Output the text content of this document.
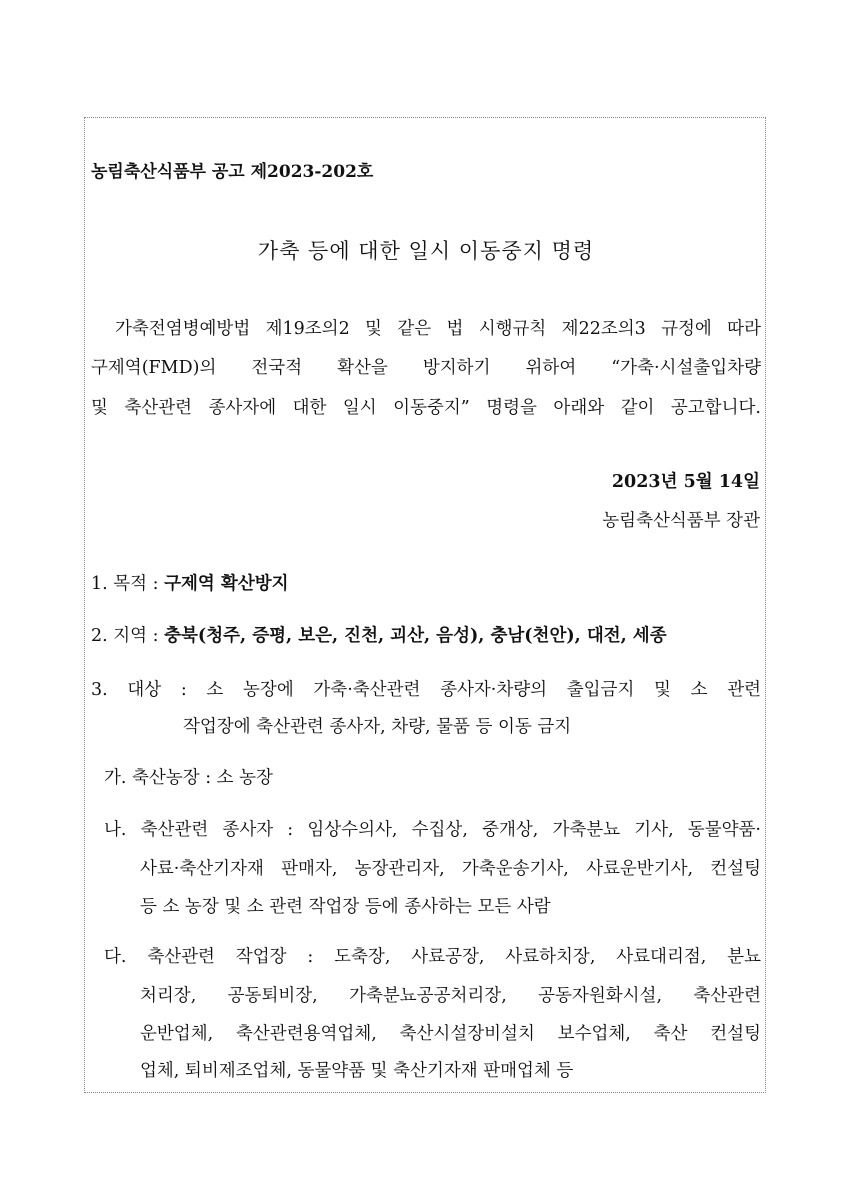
농림축산식품부 공고 제2023-202호
가축 등에 대한 일시 이동중지 명령
가축전염병예방법 제19조의2 및 같은 법 시행규칙 제22조의3 규정에 따라
구제역(FMD)의 전국적 확산을 방지하기 위하여 “가축·시설출입차량
및 축산관련 종사자에 대한 일시 이동중지” 명령을 아래와 같이 공고합니다.
2023년 5월 14일
농림축산식품부 장관
1. 목적 : 구제역 확산방지
2. 지역 : 충북(청주, 증평, 보은, 진천, 괴산, 음성), 충남(천안), 대전, 세종
3. 대상 : 소 농장에 가축·축산관련 종사자·차량의 출입금지 및 소 관련
작업장에 축산관련 종사자, 차량, 물품 등 이동 금지
가. 축산농장 : 소 농장
나. 축산관련 종사자 : 임상수의사, 수집상, 중개상, 가축분뇨 기사, 동물약품·
사료·축산기자재 판매자, 농장관리자, 가축운송기사, 사료운반기사, 컨설팅
등 소 농장 및 소 관련 작업장 등에 종사하는 모든 사람
다. 축산관련 작업장 : 도축장, 사료공장, 사료하치장, 사료대리점, 분뇨
처리장, 공동퇴비장, 가축분뇨공공처리장, 공동자원화시설, 축산관련
운반업체, 축산관련용역업체, 축산시설장비설치 보수업체, 축산 컨설팅
업체, 퇴비제조업체, 동물약품 및 축산기자재 판매업체 등
